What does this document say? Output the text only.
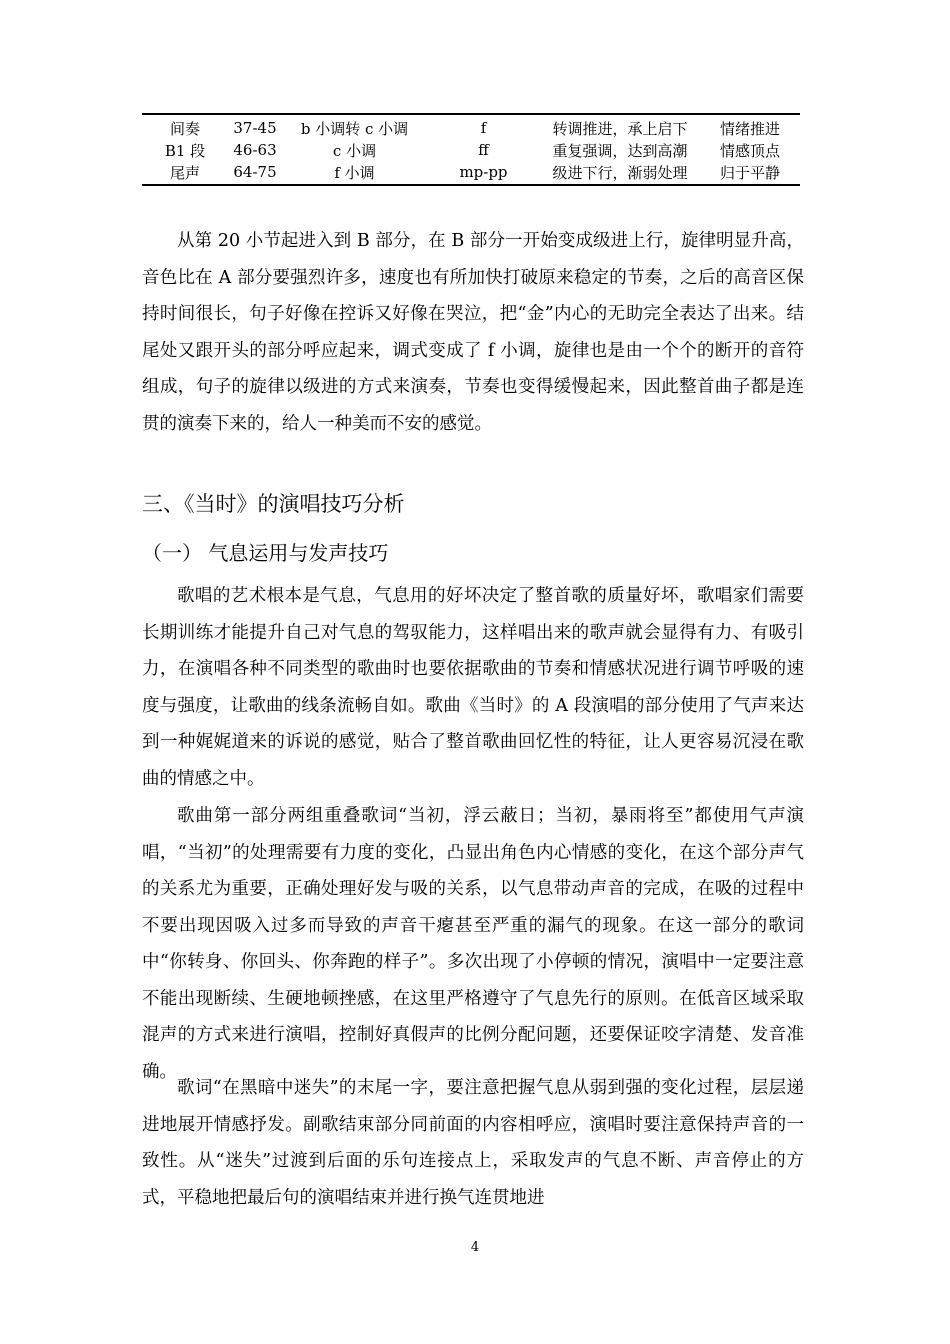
间奏	37-45	b 小调转 c 小调	f	转调推进，承上启下	情绪推进
B1 段	46-63	c 小调	ff	重复强调，达到高潮	情感顶点
尾声	64-75	f 小调	mp-pp	级进下行，渐弱处理	归于平静

从第 20 小节起进入到 B 部分，在 B 部分一开始变成级进上行，旋律明显升高，音色比在 A 部分要强烈许多，速度也有所加快打破原来稳定的节奏，之后的高音区保持时间很长，句子好像在控诉又好像在哭泣，把“金”内心的无助完全表达了出来。结尾处又跟开头的部分呼应起来，调式变成了 f 小调，旋律也是由一个个的断开的音符组成，句子的旋律以级进的方式来演奏，节奏也变得缓慢起来，因此整首曲子都是连贯的演奏下来的，给人一种美而不安的感觉。

三、《当时》的演唱技巧分析
（一） 气息运用与发声技巧

歌唱的艺术根本是气息，气息用的好坏决定了整首歌的质量好坏，歌唱家们需要长期训练才能提升自己对气息的驾驭能力，这样唱出来的歌声就会显得有力、有吸引力，在演唱各种不同类型的歌曲时也要依据歌曲的节奏和情感状况进行调节呼吸的速度与强度，让歌曲的线条流畅自如。歌曲《当时》的 A 段演唱的部分使用了气声来达到一种娓娓道来的诉说的感觉，贴合了整首歌曲回忆性的特征，让人更容易沉浸在歌曲的情感之中。

歌曲第一部分两组重叠歌词“当初，浮云蔽日；当初，暴雨将至”都使用气声演唱，“当初”的处理需要有力度的变化，凸显出角色内心情感的变化，在这个部分声气的关系尤为重要，正确处理好发与吸的关系，以气息带动声音的完成，在吸的过程中不要出现因吸入过多而导致的声音干瘪甚至严重的漏气的现象。在这一部分的歌词中“你转身、你回头、你奔跑的样子”。多次出现了小停顿的情况，演唱中一定要注意不能出现断续、生硬地顿挫感，在这里严格遵守了气息先行的原则。在低音区域采取混声的方式来进行演唱，控制好真假声的比例分配问题，还要保证咬字清楚、发音准确。

歌词“在黑暗中迷失”的末尾一字，要注意把握气息从弱到强的变化过程，层层递进地展开情感抒发。副歌结束部分同前面的内容相呼应，演唱时要注意保持声音的一致性。从“迷失”过渡到后面的乐句连接点上，采取发声的气息不断、声音停止的方式，平稳地把最后句的演唱结束并进行换气连贯地进

4
